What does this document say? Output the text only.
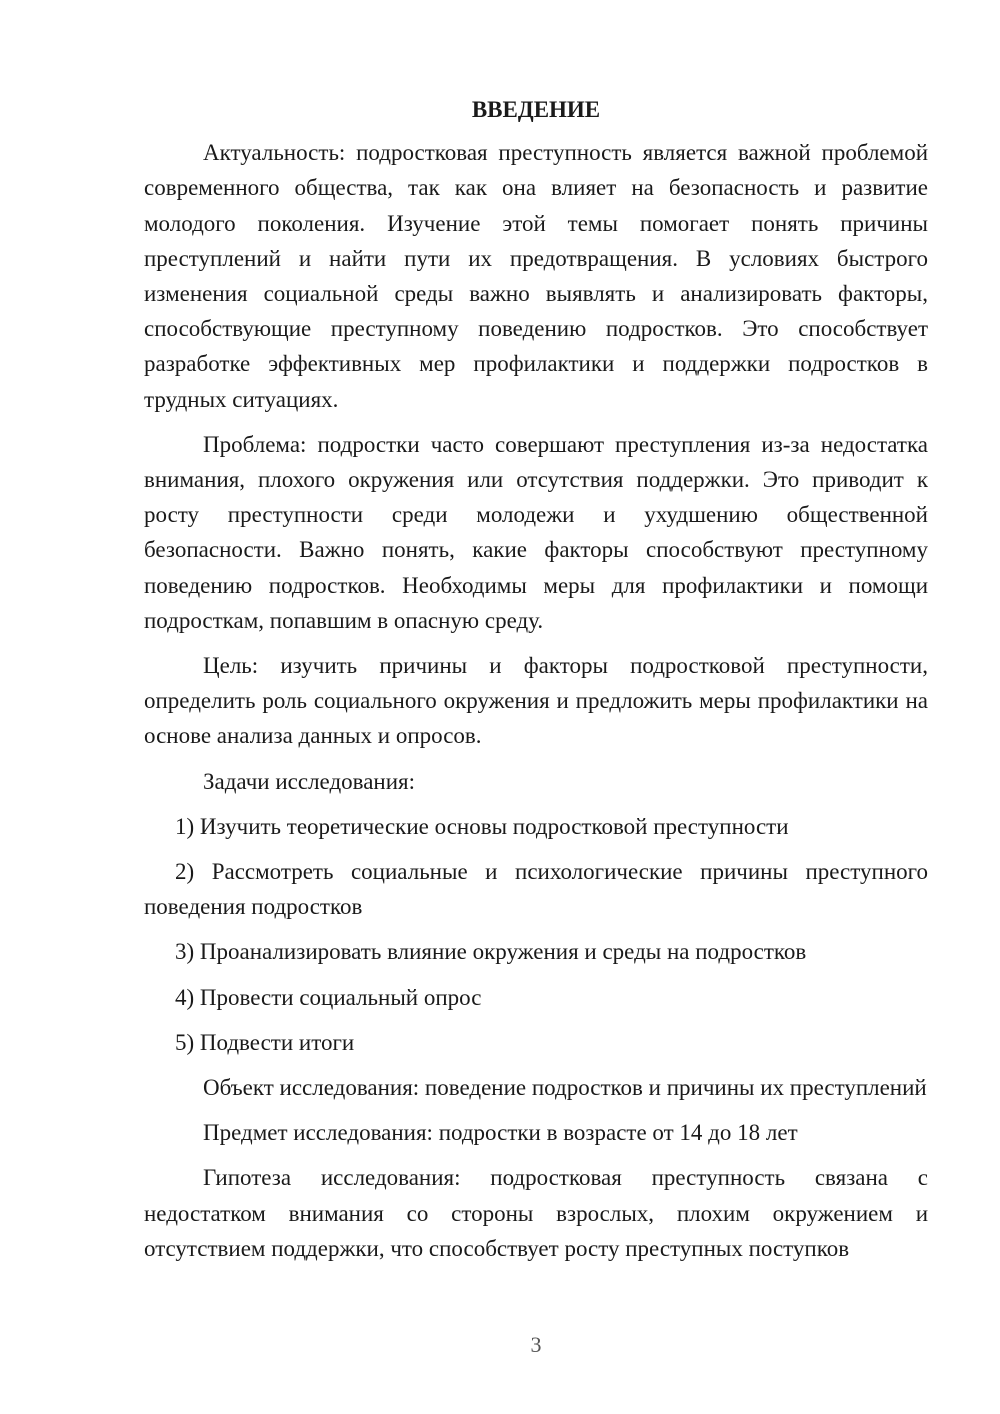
ВВЕДЕНИЕ

Актуальность: подростковая преступность является важной проблемой современного общества, так как она влияет на безопасность и развитие молодого поколения. Изучение этой темы помогает понять причины преступлений и найти пути их предотвращения. В условиях быстрого изменения социальной среды важно выявлять и анализировать факторы, способствующие преступному поведению подростков. Это способствует разработке эффективных мер профилактики и поддержки подростков в трудных ситуациях.

Проблема: подростки часто совершают преступления из-за недостатка внимания, плохого окружения или отсутствия поддержки. Это приводит к росту преступности среди молодежи и ухудшению общественной безопасности. Важно понять, какие факторы способствуют преступному поведению подростков. Необходимы меры для профилактики и помощи подросткам, попавшим в опасную среду.

Цель: изучить причины и факторы подростковой преступности, определить роль социального окружения и предложить меры профилактики на основе анализа данных и опросов.

Задачи исследования:

1) Изучить теоретические основы подростковой преступности

2) Рассмотреть социальные и психологические причины преступного поведения подростков

3) Проанализировать влияние окружения и среды на подростков

4) Провести социальный опрос

5) Подвести итоги

Объект исследования: поведение подростков и причины их преступлений

Предмет исследования: подростки в возрасте от 14 до 18 лет

Гипотеза исследования: подростковая преступность связана с недостатком внимания со стороны взрослых, плохим окружением и отсутствием поддержки, что способствует росту преступных поступков

3
